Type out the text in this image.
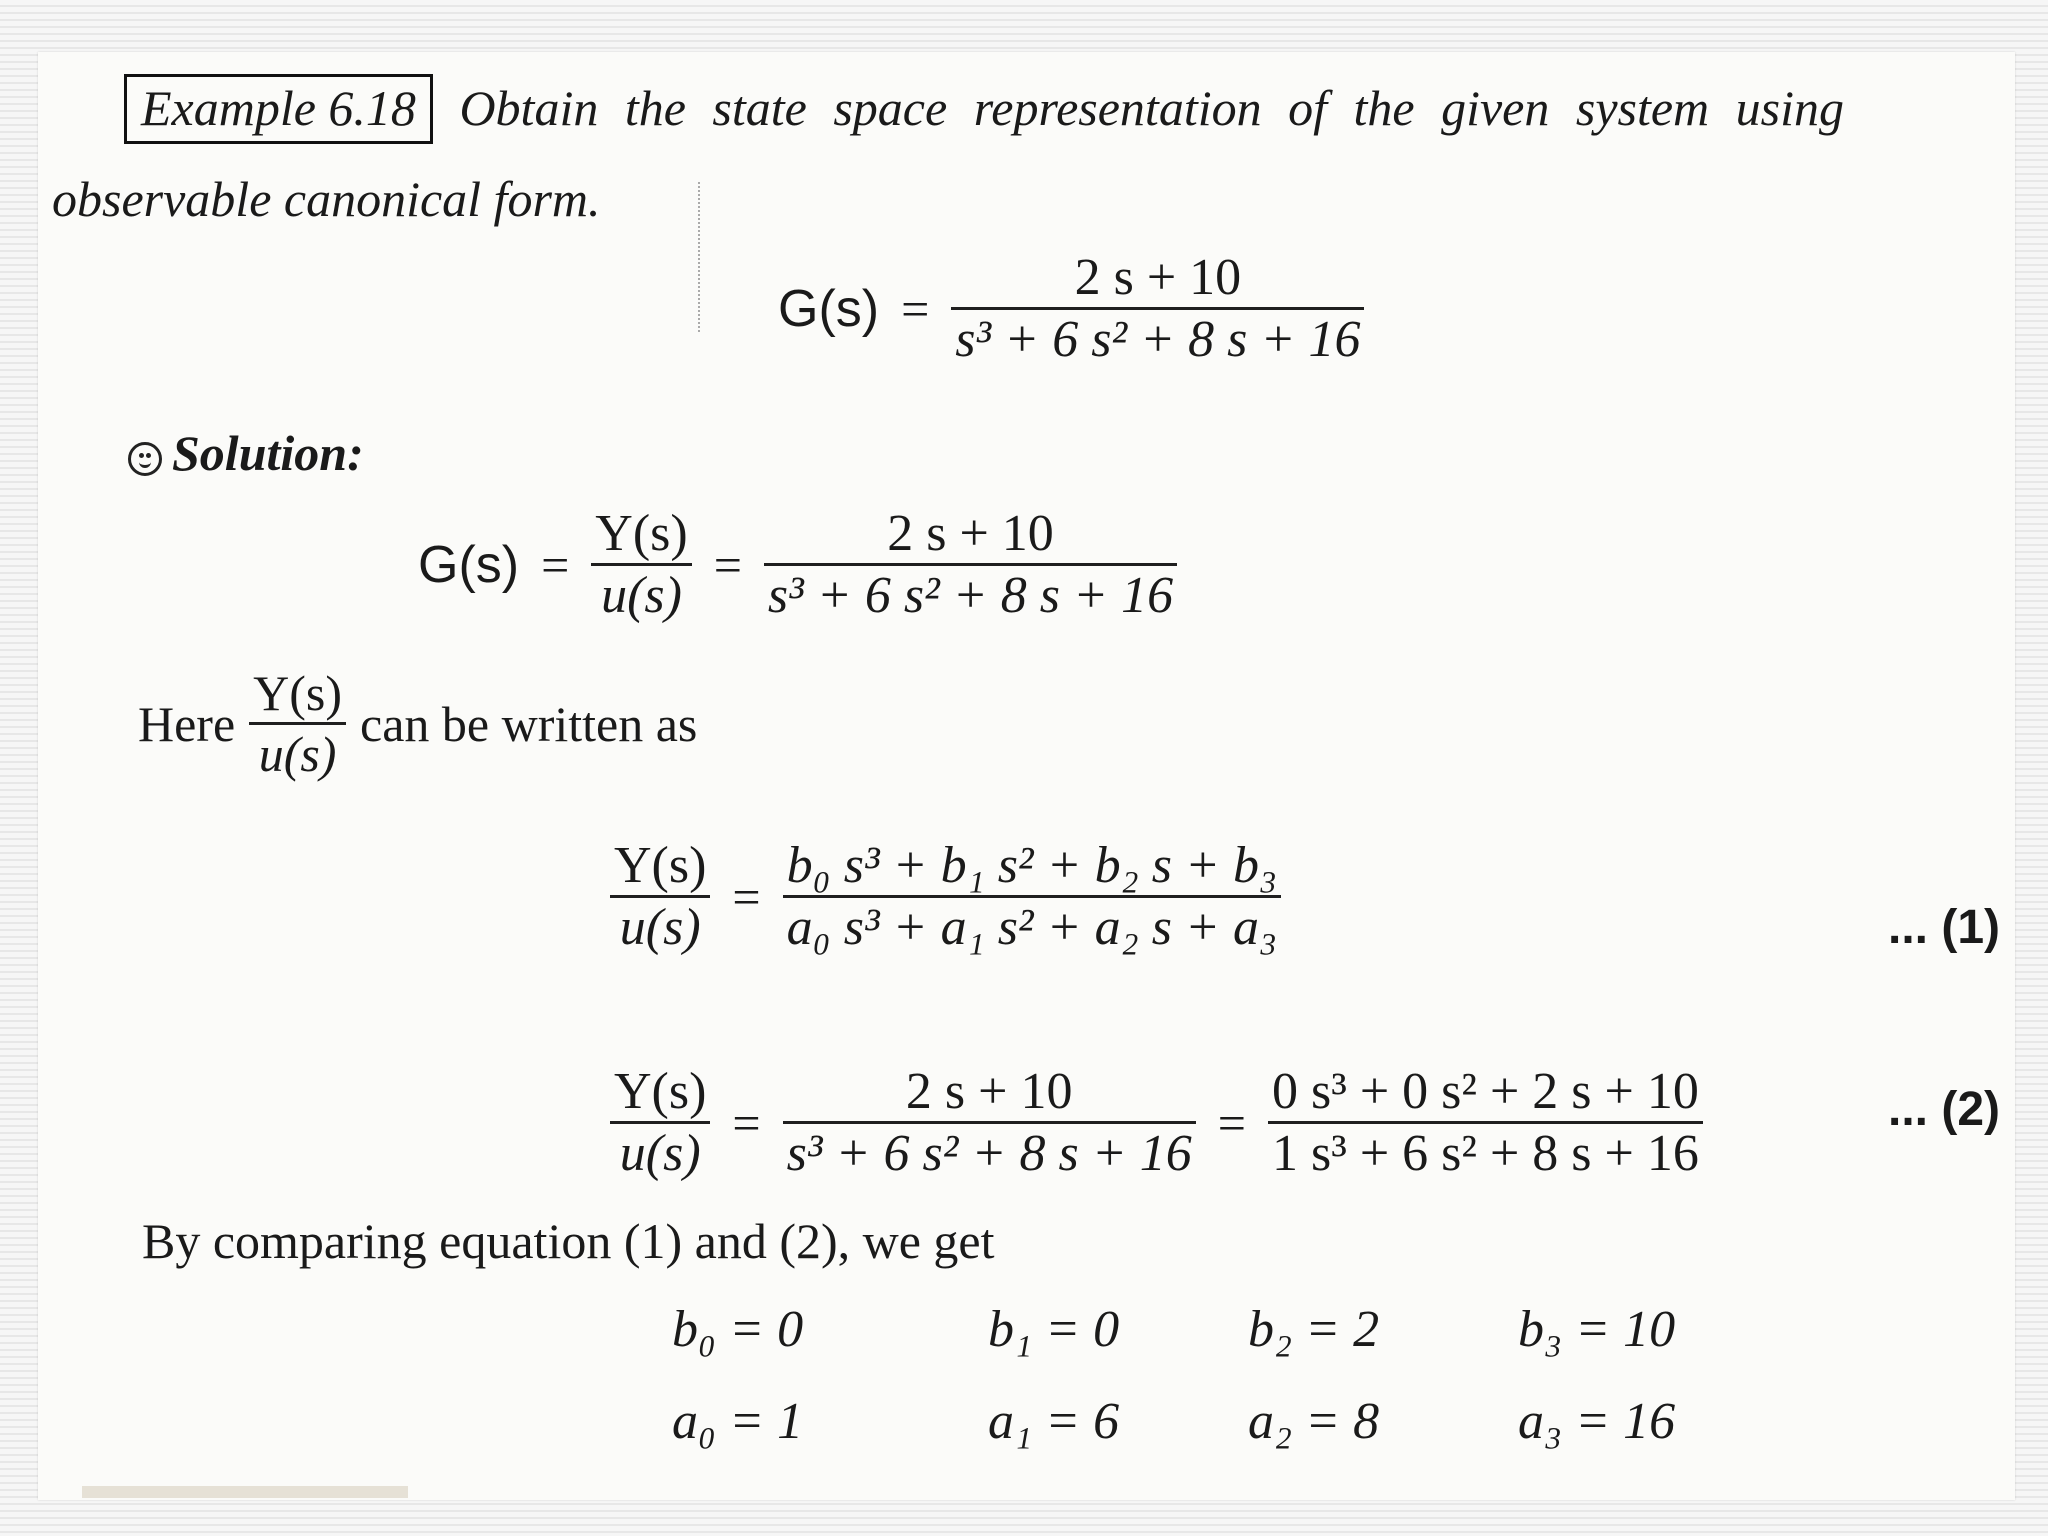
Example 6.18 Obtain the state space representation of the given system using
observable canonical form.
$G(s) = \frac{2 s + 10}{\text{s³ + 6 s² + 8 s + 16}}$
Solution:
$G(s) = \frac{Y(s)}{u(s)} = \frac{2 s + 10}{\text{s³ + 6 s² + 8 s + 16}}$
Here $\frac{Y(s)}{u(s)}$ can be written as
$\frac{Y(s)}{u(s)} = \frac{\text{b₀ s³ + b₁ s² + b₂ s + b₃}}{\text{a₀ s³ + a₁ s² + a₂ s + a₃}}$	... (1)
$\frac{Y(s)}{u(s)} = \frac{2 s + 10}{\text{s³ + 6 s² + 8 s + 16}} = \frac{\text{0 s³ + 0 s² + 2 s + 10}}{\text{1 s³ + 6 s² + 8 s + 16}}$	... (2)
By comparing equation (1) and (2), we get
b₀ = 0	b₁ = 0 b₂ = 2	b₃ = 10
a₀ = 1	a₁ = 6 a₂ = 8	a₃ = 16
